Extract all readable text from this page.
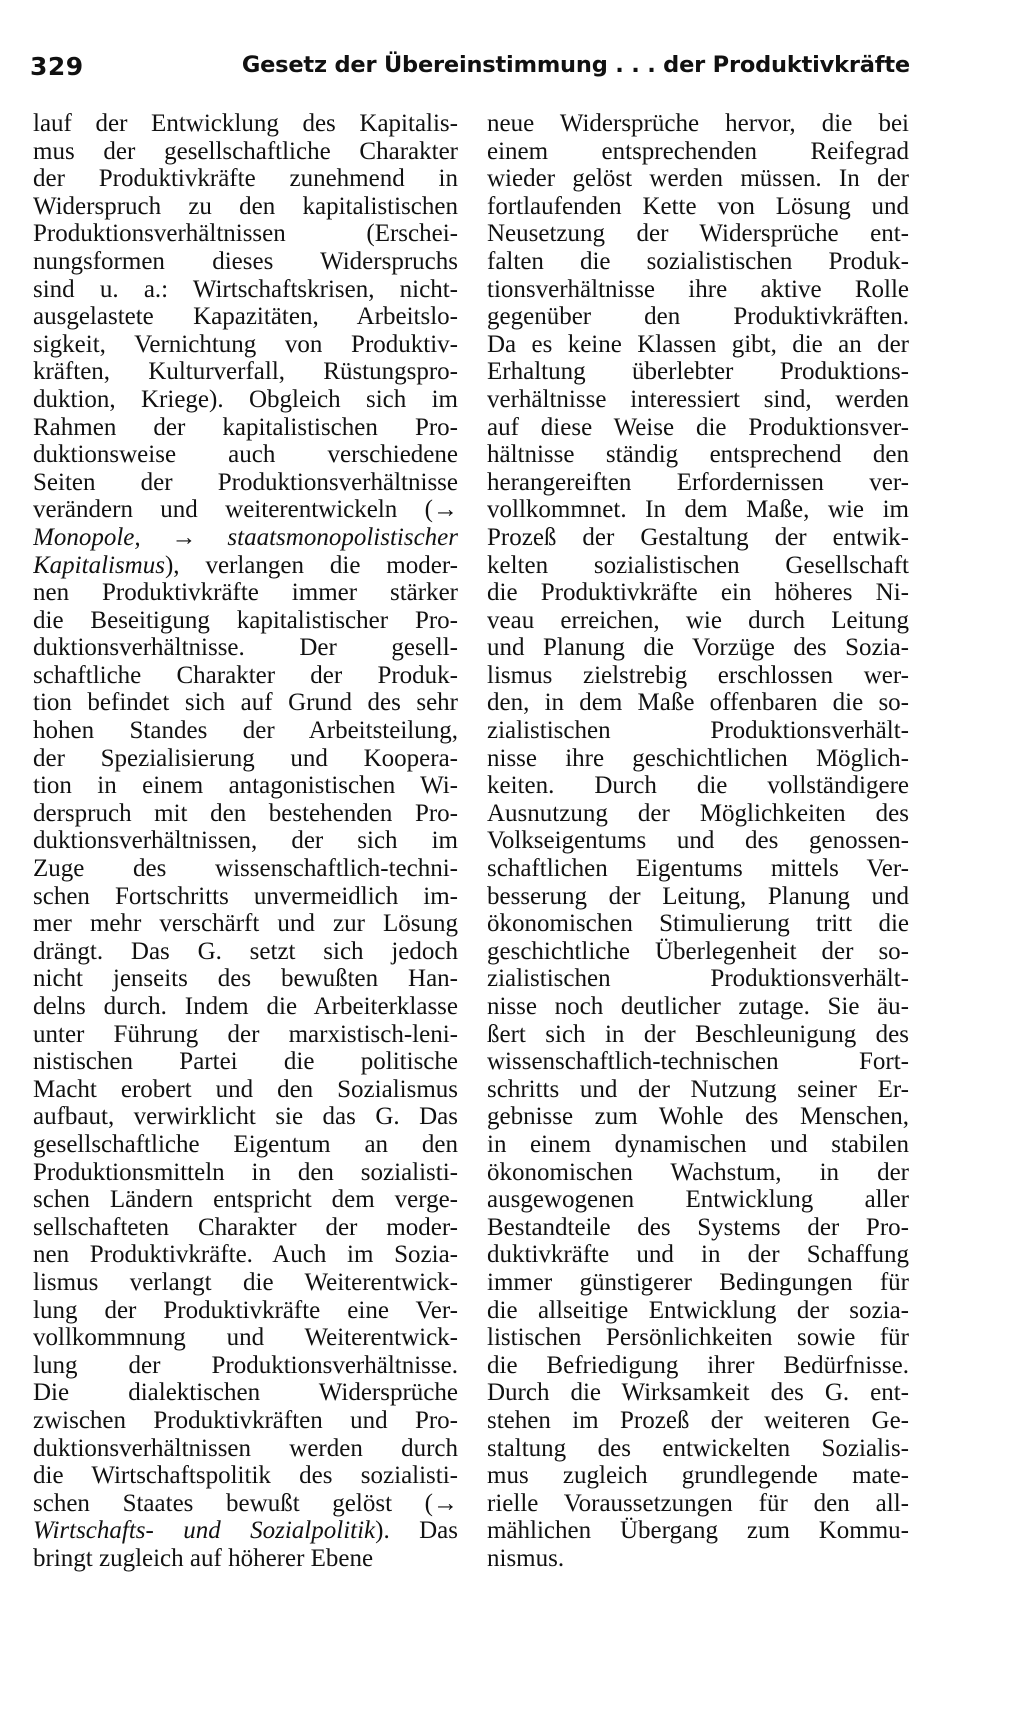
329	Gesetz der Übereinstimmung . . . der Produktivkräfte
lauf der Entwicklung des Kapitalis-
mus der gesellschaftliche Charakter
der Produktivkräfte zunehmend in
Widerspruch zu den kapitalistischen
Produktionsverhältnissen (Erschei-
nungsformen dieses Widerspruchs
sind u. a.: Wirtschaftskrisen, nicht-
ausgelastete Kapazitäten, Arbeitslo-
sigkeit, Vernichtung von Produktiv-
kräften, Kulturverfall, Rüstungspro-
duktion, Kriege). Obgleich sich im
Rahmen der kapitalistischen Pro-
duktionsweise auch verschiedene
Seiten der Produktionsverhältnisse
verändern und weiterentwickeln (→
Monopole, → staatsmonopolistischer
Kapitalismus), verlangen die moder-
nen Produktivkräfte immer stärker
die Beseitigung kapitalistischer Pro-
duktionsverhältnisse. Der gesell-
schaftliche Charakter der Produk-
tion befindet sich auf Grund des sehr
hohen Standes der Arbeitsteilung,
der Spezialisierung und Koopera-
tion in einem antagonistischen Wi-
derspruch mit den bestehenden Pro-
duktionsverhältnissen, der sich im
Zuge des wissenschaftlich-techni-
schen Fortschritts unvermeidlich im-
mer mehr verschärft und zur Lösung
drängt. Das G. setzt sich jedoch
nicht jenseits des bewußten Han-
delns durch. Indem die Arbeiterklasse
unter Führung der marxistisch-leni-
nistischen Partei die politische
Macht erobert und den Sozialismus
aufbaut, verwirklicht sie das G. Das
gesellschaftliche Eigentum an den
Produktionsmitteln in den sozialisti-
schen Ländern entspricht dem verge-
sellschafteten Charakter der moder-
nen Produktivkräfte. Auch im Sozia-
lismus verlangt die Weiterentwick-
lung der Produktivkräfte eine Ver-
vollkommnung und Weiterentwick-
lung der Produktionsverhältnisse.
Die dialektischen Widersprüche
zwischen Produktivkräften und Pro-
duktionsverhältnissen werden durch
die Wirtschaftspolitik des sozialisti-
schen Staates bewußt gelöst (→
Wirtschafts- und Sozialpolitik). Das
bringt zugleich auf höherer Ebene
neue Widersprüche hervor, die bei
einem entsprechenden Reifegrad
wieder gelöst werden müssen. In der
fortlaufenden Kette von Lösung und
Neusetzung der Widersprüche ent-
falten die sozialistischen Produk-
tionsverhältnisse ihre aktive Rolle
gegenüber den Produktivkräften.
Da es keine Klassen gibt, die an der
Erhaltung überlebter Produktions-
verhältnisse interessiert sind, werden
auf diese Weise die Produktionsver-
hältnisse ständig entsprechend den
herangereiften Erfordernissen ver-
vollkommnet. In dem Maße, wie im
Prozeß der Gestaltung der entwik-
kelten sozialistischen Gesellschaft
die Produktivkräfte ein höheres Ni-
veau erreichen, wie durch Leitung
und Planung die Vorzüge des Sozia-
lismus zielstrebig erschlossen wer-
den, in dem Maße offenbaren die so-
zialistischen Produktionsverhält-
nisse ihre geschichtlichen Möglich-
keiten. Durch die vollständigere
Ausnutzung der Möglichkeiten des
Volkseigentums und des genossen-
schaftlichen Eigentums mittels Ver-
besserung der Leitung, Planung und
ökonomischen Stimulierung tritt die
geschichtliche Überlegenheit der so-
zialistischen Produktionsverhält-
nisse noch deutlicher zutage. Sie äu-
ßert sich in der Beschleunigung des
wissenschaftlich-technischen Fort-
schritts und der Nutzung seiner Er-
gebnisse zum Wohle des Menschen,
in einem dynamischen und stabilen
ökonomischen Wachstum, in der
ausgewogenen Entwicklung aller
Bestandteile des Systems der Pro-
duktivkräfte und in der Schaffung
immer günstigerer Bedingungen für
die allseitige Entwicklung der sozia-
listischen Persönlichkeiten sowie für
die Befriedigung ihrer Bedürfnisse.
Durch die Wirksamkeit des G. ent-
stehen im Prozeß der weiteren Ge-
staltung des entwickelten Sozialis-
mus zugleich grundlegende mate-
rielle Voraussetzungen für den all-
mählichen Übergang zum Kommu-
nismus.
